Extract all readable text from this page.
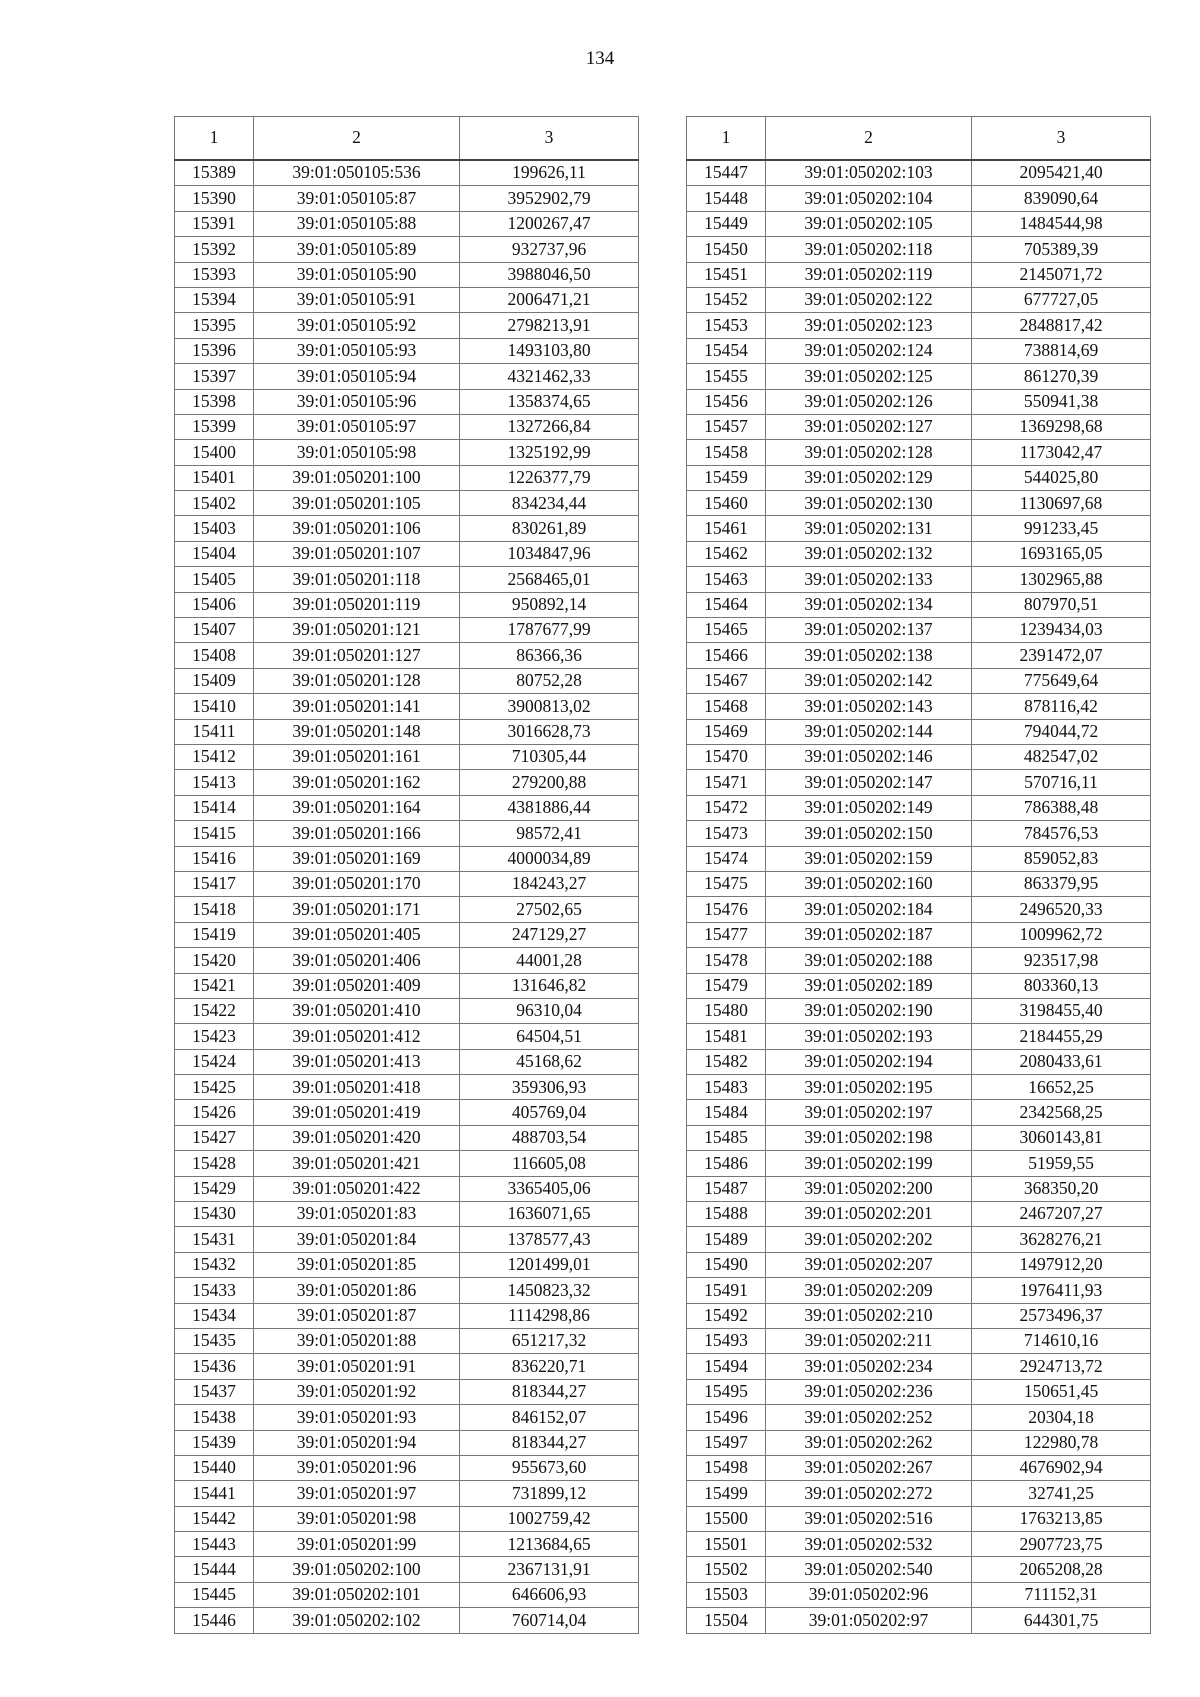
134
1	2	3
15389	39:01:050105:536	199626,11
15390	39:01:050105:87	3952902,79
15391	39:01:050105:88	1200267,47
15392	39:01:050105:89	932737,96
15393	39:01:050105:90	3988046,50
15394	39:01:050105:91	2006471,21
15395	39:01:050105:92	2798213,91
15396	39:01:050105:93	1493103,80
15397	39:01:050105:94	4321462,33
15398	39:01:050105:96	1358374,65
15399	39:01:050105:97	1327266,84
15400	39:01:050105:98	1325192,99
15401	39:01:050201:100	1226377,79
15402	39:01:050201:105	834234,44
15403	39:01:050201:106	830261,89
15404	39:01:050201:107	1034847,96
15405	39:01:050201:118	2568465,01
15406	39:01:050201:119	950892,14
15407	39:01:050201:121	1787677,99
15408	39:01:050201:127	86366,36
15409	39:01:050201:128	80752,28
15410	39:01:050201:141	3900813,02
15411	39:01:050201:148	3016628,73
15412	39:01:050201:161	710305,44
15413	39:01:050201:162	279200,88
15414	39:01:050201:164	4381886,44
15415	39:01:050201:166	98572,41
15416	39:01:050201:169	4000034,89
15417	39:01:050201:170	184243,27
15418	39:01:050201:171	27502,65
15419	39:01:050201:405	247129,27
15420	39:01:050201:406	44001,28
15421	39:01:050201:409	131646,82
15422	39:01:050201:410	96310,04
15423	39:01:050201:412	64504,51
15424	39:01:050201:413	45168,62
15425	39:01:050201:418	359306,93
15426	39:01:050201:419	405769,04
15427	39:01:050201:420	488703,54
15428	39:01:050201:421	116605,08
15429	39:01:050201:422	3365405,06
15430	39:01:050201:83	1636071,65
15431	39:01:050201:84	1378577,43
15432	39:01:050201:85	1201499,01
15433	39:01:050201:86	1450823,32
15434	39:01:050201:87	1114298,86
15435	39:01:050201:88	651217,32
15436	39:01:050201:91	836220,71
15437	39:01:050201:92	818344,27
15438	39:01:050201:93	846152,07
15439	39:01:050201:94	818344,27
15440	39:01:050201:96	955673,60
15441	39:01:050201:97	731899,12
15442	39:01:050201:98	1002759,42
15443	39:01:050201:99	1213684,65
15444	39:01:050202:100	2367131,91
15445	39:01:050202:101	646606,93
15446	39:01:050202:102	760714,04
1	2	3
15447	39:01:050202:103	2095421,40
15448	39:01:050202:104	839090,64
15449	39:01:050202:105	1484544,98
15450	39:01:050202:118	705389,39
15451	39:01:050202:119	2145071,72
15452	39:01:050202:122	677727,05
15453	39:01:050202:123	2848817,42
15454	39:01:050202:124	738814,69
15455	39:01:050202:125	861270,39
15456	39:01:050202:126	550941,38
15457	39:01:050202:127	1369298,68
15458	39:01:050202:128	1173042,47
15459	39:01:050202:129	544025,80
15460	39:01:050202:130	1130697,68
15461	39:01:050202:131	991233,45
15462	39:01:050202:132	1693165,05
15463	39:01:050202:133	1302965,88
15464	39:01:050202:134	807970,51
15465	39:01:050202:137	1239434,03
15466	39:01:050202:138	2391472,07
15467	39:01:050202:142	775649,64
15468	39:01:050202:143	878116,42
15469	39:01:050202:144	794044,72
15470	39:01:050202:146	482547,02
15471	39:01:050202:147	570716,11
15472	39:01:050202:149	786388,48
15473	39:01:050202:150	784576,53
15474	39:01:050202:159	859052,83
15475	39:01:050202:160	863379,95
15476	39:01:050202:184	2496520,33
15477	39:01:050202:187	1009962,72
15478	39:01:050202:188	923517,98
15479	39:01:050202:189	803360,13
15480	39:01:050202:190	3198455,40
15481	39:01:050202:193	2184455,29
15482	39:01:050202:194	2080433,61
15483	39:01:050202:195	16652,25
15484	39:01:050202:197	2342568,25
15485	39:01:050202:198	3060143,81
15486	39:01:050202:199	51959,55
15487	39:01:050202:200	368350,20
15488	39:01:050202:201	2467207,27
15489	39:01:050202:202	3628276,21
15490	39:01:050202:207	1497912,20
15491	39:01:050202:209	1976411,93
15492	39:01:050202:210	2573496,37
15493	39:01:050202:211	714610,16
15494	39:01:050202:234	2924713,72
15495	39:01:050202:236	150651,45
15496	39:01:050202:252	20304,18
15497	39:01:050202:262	122980,78
15498	39:01:050202:267	4676902,94
15499	39:01:050202:272	32741,25
15500	39:01:050202:516	1763213,85
15501	39:01:050202:532	2907723,75
15502	39:01:050202:540	2065208,28
15503	39:01:050202:96	711152,31
15504	39:01:050202:97	644301,75
